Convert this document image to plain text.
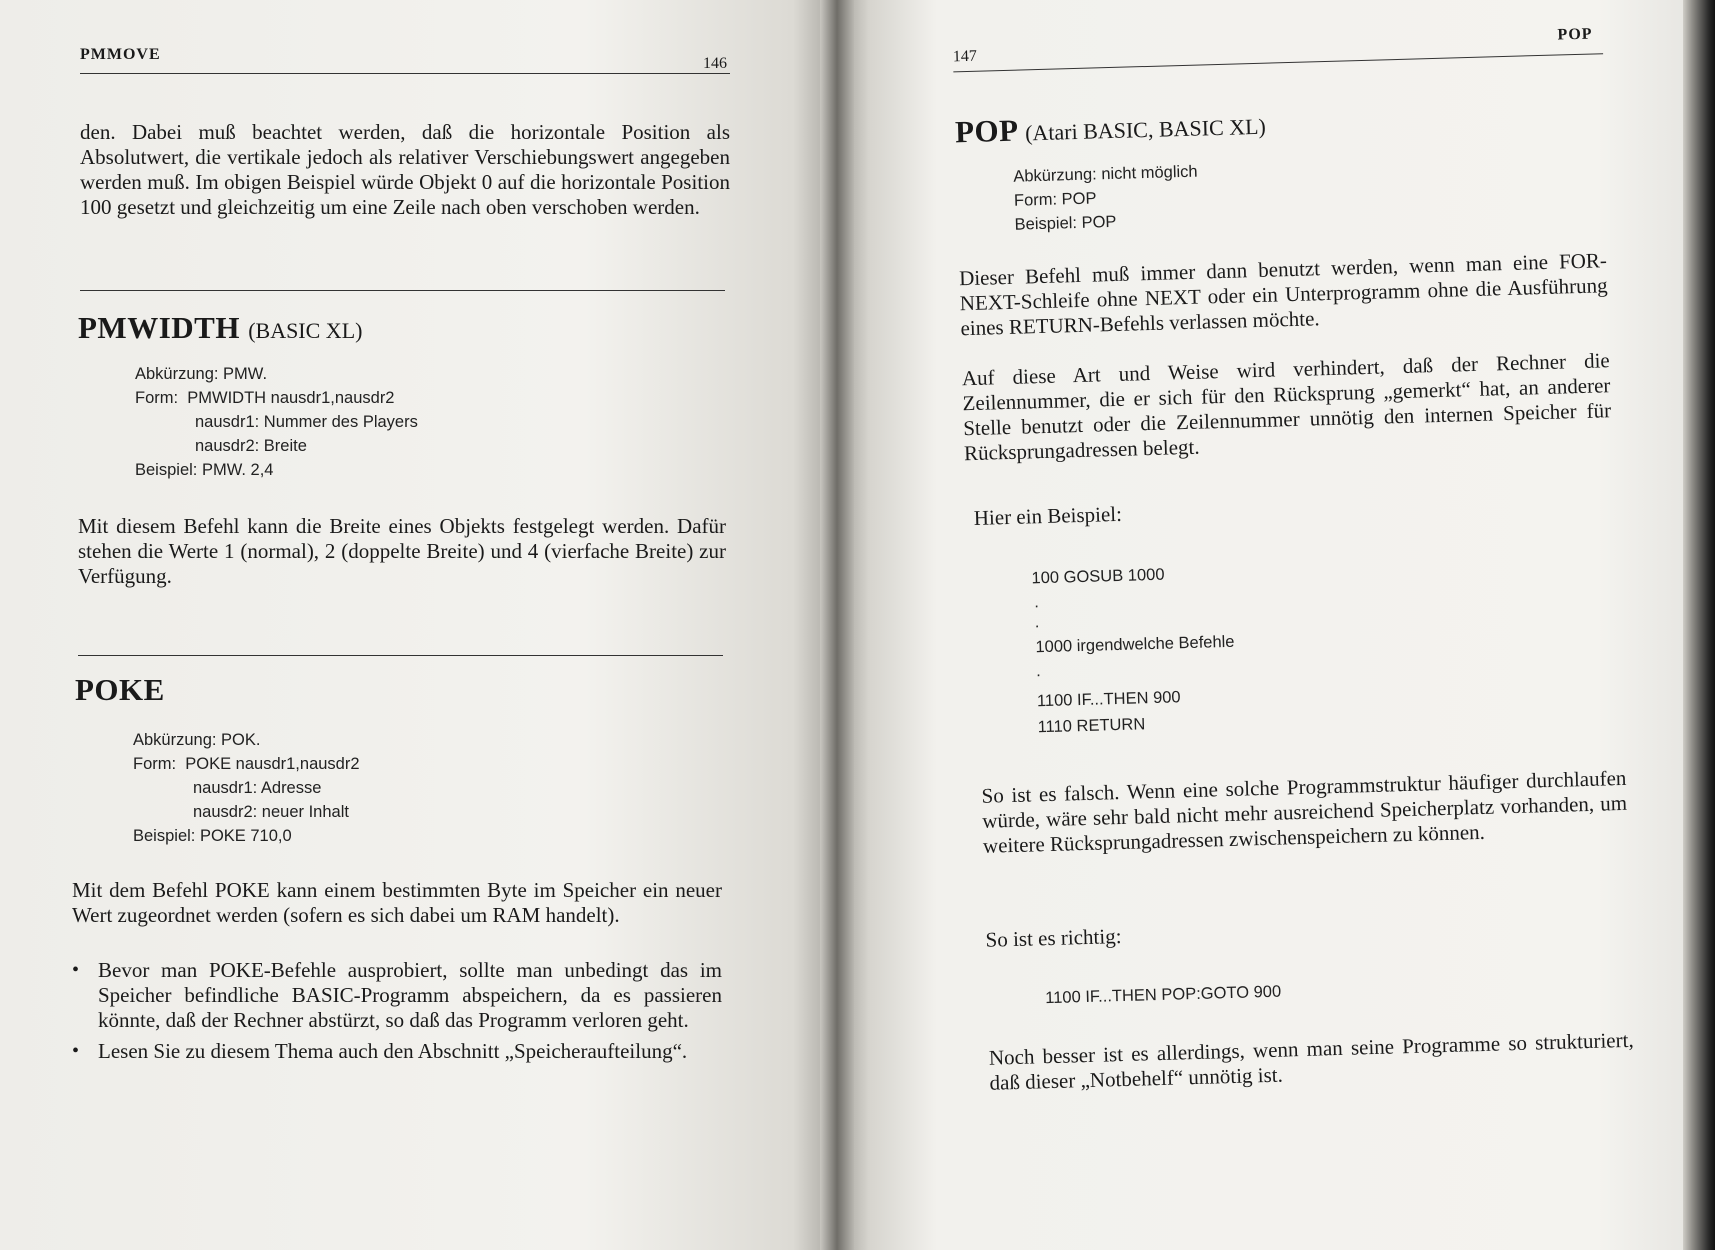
PMMOVE
146
den. Dabei muß beachtet werden, daß die horizontale Position als Absolutwert, die vertikale jedoch als relativer Verschiebungswert angegeben werden muß. Im obigen Beispiel würde Objekt 0 auf die horizontale Position 100 gesetzt und gleichzeitig um eine Zeile nach oben verschoben werden.
PMWIDTH (BASIC XL)
Abkürzung: PMW.
Form:  PMWIDTH nausdr1,nausdr2
nausdr1: Nummer des Players
nausdr2: Breite
Beispiel: PMW. 2,4
Mit diesem Befehl kann die Breite eines Objekts festgelegt werden. Dafür stehen die Werte 1 (normal), 2 (doppelte Breite) und 4 (vierfache Breite) zur Verfügung.
POKE
Abkürzung: POK.
Form:  POKE nausdr1,nausdr2
nausdr1: Adresse
nausdr2: neuer Inhalt
Beispiel: POKE 710,0
Mit dem Befehl POKE kann einem bestimmten Byte im Speicher ein neuer Wert zugeordnet werden (sofern es sich dabei um RAM handelt).
• Bevor man POKE-Befehle ausprobiert, sollte man unbedingt das im Speicher befindliche BASIC-Programm abspeichern, da es passieren könnte, daß der Rechner abstürzt, so daß das Programm verloren geht.
• Lesen Sie zu diesem Thema auch den Abschnitt „Speicheraufteilung“.
POP
147
POP (Atari BASIC, BASIC XL)
Abkürzung: nicht möglich
Form: POP
Beispiel: POP
Dieser Befehl muß immer dann benutzt werden, wenn man eine FOR-NEXT-Schleife ohne NEXT oder ein Unterprogramm ohne die Ausführung eines RETURN-Befehls verlassen möchte.
Auf diese Art und Weise wird verhindert, daß der Rechner die Zeilennummer, die er sich für den Rücksprung „gemerkt“ hat, an anderer Stelle benutzt oder die Zeilennummer unnötig den internen Speicher für Rücksprungadressen belegt.
Hier ein Beispiel:
100 GOSUB 1000
.
.
1000 irgendwelche Befehle
.
1100 IF...THEN 900
1110 RETURN
So ist es falsch. Wenn eine solche Programmstruktur häufiger durchlaufen würde, wäre sehr bald nicht mehr ausreichend Speicherplatz vorhanden, um weitere Rücksprungadressen zwischenspeichern zu können.
So ist es richtig:
1100 IF...THEN POP:GOTO 900
Noch besser ist es allerdings, wenn man seine Programme so strukturiert, daß dieser „Notbehelf“ unnötig ist.
